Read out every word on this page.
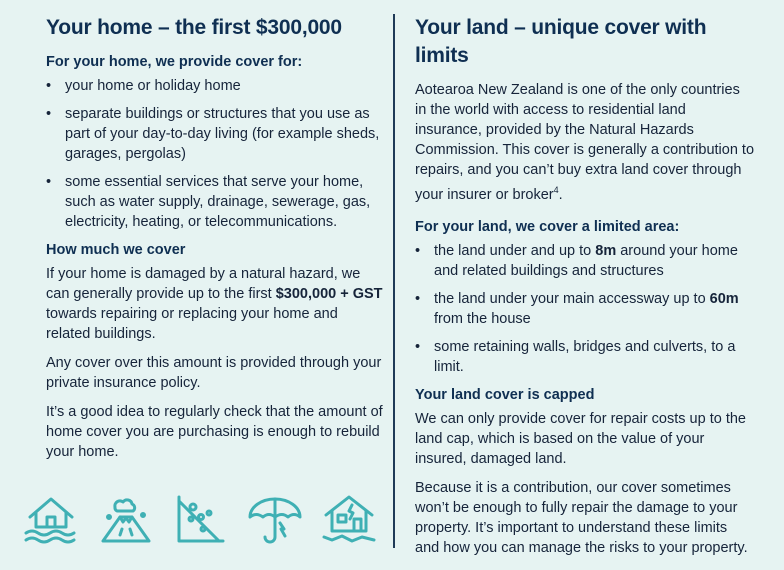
Your home – the first $300,000
For your home, we provide cover for:
• your home or holiday home
• separate buildings or structures that you use as part of your day-to-day living (for example sheds, garages, pergolas)
• some essential services that serve your home, such as water supply, drainage, sewerage, gas, electricity, heating, or telecommunications.
How much we cover

If your home is damaged by a natural hazard, we can generally provide up to the first $300,000 + GST towards repairing or replacing your home and related buildings.

Any cover over this amount is provided through your private insurance policy.

It’s a good idea to regularly check that the amount of home cover you are purchasing is enough to rebuild your home.

Your land – unique cover with limits

Aotearoa New Zealand is one of the only countries in the world with access to residential land insurance, provided by the Natural Hazards Commission. This cover is generally a contribution to repairs, and you can’t buy extra land cover through your insurer or broker$^4$.

For your land, we cover a limited area:
• the land under and up to 8m around your home and related buildings and structures
• the land under your main accessway up to 60m from the house
• some retaining walls, bridges and culverts, to a limit.
Your land cover is capped

We can only provide cover for repair costs up to the land cap, which is based on the value of your insured, damaged land.

Because it is a contribution, our cover sometimes won’t be enough to fully repair the damage to your property. It’s important to understand these limits and how you can manage the risks to your property.
